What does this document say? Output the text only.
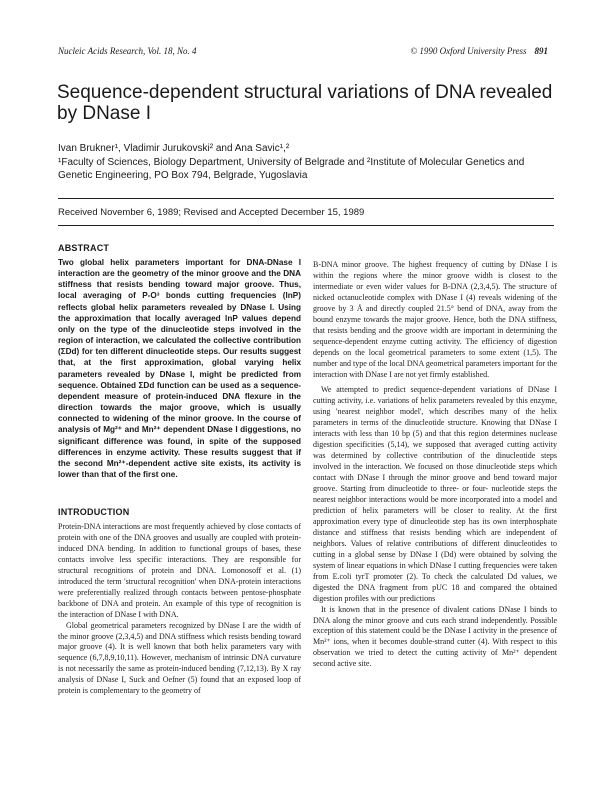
Nucleic Acids Research, Vol. 18, No. 4	© 1990 Oxford University Press 891
Sequence-dependent structural variations of DNA revealed by DNase I
Ivan Brukner¹, Vladimir Jurukovski² and Ana Savic¹,²
¹Faculty of Sciences, Biology Department, University of Belgrade and ²Institute of Molecular Genetics and Genetic Engineering, PO Box 794, Belgrade, Yugoslavia
Received November 6, 1989; Revised and Accepted December 15, 1989
ABSTRACT

Two global helix parameters important for DNA-DNase I interaction are the geometry of the minor groove and the DNA stiffness that resists bending toward major groove. Thus, local averaging of P-O³ bonds cutting frequencies (lnP) reflects global helix parameters revealed by DNase I. Using the approximation that locally averaged lnP values depend only on the type of the dinucleotide steps involved in the region of interaction, we calculated the collective contribution (ΣDd) for ten different dinucleotide steps. Our results suggest that, at the first approximation, global varying helix parameters revealed by DNase I, might be predicted from sequence. Obtained ΣDd function can be used as a sequence-dependent measure of protein-induced DNA flexure in the direction towards the major groove, which is usually connected to widening of the minor groove. In the course of analysis of Mg²⁺ and Mn²⁺ dependent DNase I diggestions, no significant difference was found, in spite of the supposed differences in enzyme activity. These results suggest that if the second Mn²⁺-dependent active site exists, its activity is lower than that of the first one.

INTRODUCTION

Protein-DNA interactions are most frequently achieved by close contacts of protein with one of the DNA grooves and usually are coupled with protein-induced DNA bending. In addition to functional groups of bases, these contacts involve less specific interactions. They are responsible for structural recognitions of protein and DNA. Lomonosoff et al. (1) introduced the term 'structural recognition' when DNA-protein interactions were preferentially realized through contacts between pentose-phosphate backbone of DNA and protein. An example of this type of recognition is the interaction of DNase I with DNA.

Global geometrical parameters recognized by DNase I are the width of the minor groove (2,3,4,5) and DNA stiffness which resists bending toward major groove (4). It is well known that both helix parameters vary with sequence (6,7,8,9,10,11). However, mechanism of intrinsic DNA curvature is not necessarily the same as protein-induced bending (7,12,13). By X ray analysis of DNase I, Suck and Oefner (5) found that an exposed loop of protein is complementary to the geometry of

B-DNA minor groove. The highest frequency of cutting by DNase I is within the regions where the minor groove width is closest to the intermediate or even wider values for B-DNA (2,3,4,5). The structure of nicked octanucleotide complex with DNase I (4) reveals widening of the groove by 3 Å and directly coupled 21.5° bend of DNA, away from the bound enzyme towards the major groove. Hence, both the DNA stiffness, that resists bending and the groove width are important in determining the sequence-dependent enzyme cutting activity. The efficiency of digestion depends on the local geometrical parameters to some extent (1,5). The number and type of the local DNA geometrical parameters important for the interaction with DNase I are not yet firmly established.

We attempted to predict sequence-dependent variations of DNase I cutting activity, i.e. variations of helix parameters revealed by this enzyme, using 'nearest neighbor model', which describes many of the helix parameters in terms of the dinucleotide structure. Knowing that DNase I interacts with less than 10 bp (5) and that this region determines nuclease digestion specificities (5,14), we supposed that averaged cutting activity was determined by collective contribution of the dinucleotide steps involved in the interaction. We focused on those dinucleotide steps which contact with DNase I through the minor groove and bend toward major groove. Starting from dinucleotide to three- or four- nucleotide steps the nearest neighbor interactions would be more incorporated into a model and prediction of helix parameters will be closer to reality. At the first approximation every type of dinucleotide step has its own interphosphate distance and stiffness that resists bending which are independent of neighbors. Values of relative contributions of different dinucleotides to cutting in a global sense by DNase I (Dd) were obtained by solving the system of linear equations in which DNase I cutting frequencies were taken from E.coli tyrT promoter (2). To check the calculated Dd values, we digested the DNA fragment from pUC 18 and compared the obtained digestion profiles with our predictions

It is known that in the presence of divalent cations DNase I binds to DNA along the minor groove and cuts each strand independently. Possible exception of this statement could be the DNase I activity in the presence of Mn²⁺ ions, when it becomes double-strand cutter (4). With respect to this observation we tried to detect the cutting activity of Mn²⁺ dependent second active site.
